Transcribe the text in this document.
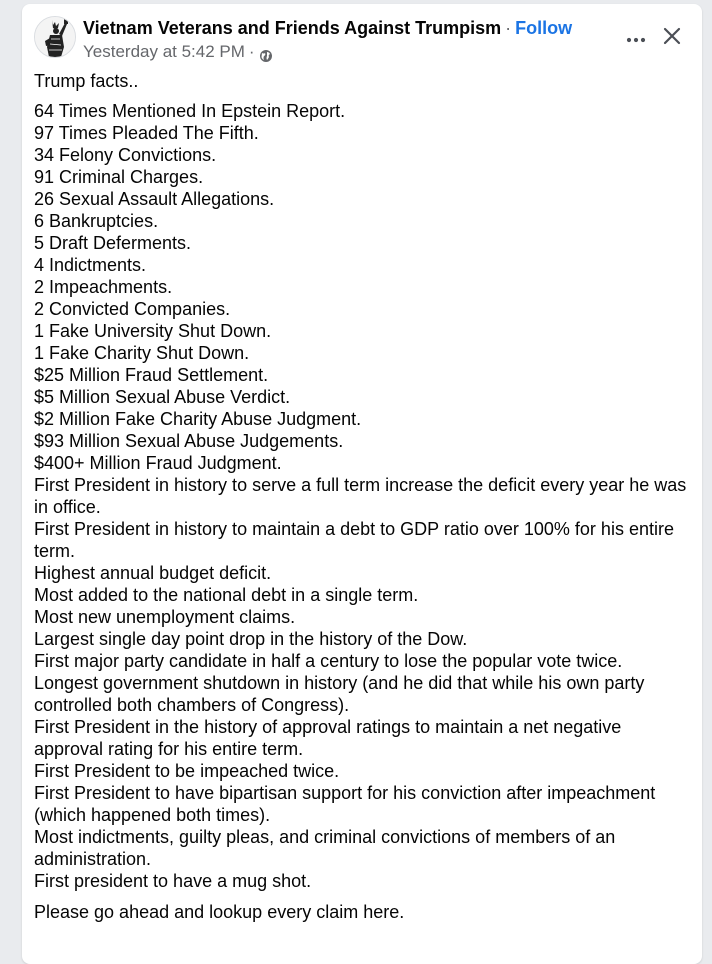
Vietnam Veterans and Friends Against Trumpism · Follow
Yesterday at 5:42 PM ·
Trump facts..
64 Times Mentioned In Epstein Report.
97 Times Pleaded The Fifth.
34 Felony Convictions.
91 Criminal Charges.
26 Sexual Assault Allegations.
6 Bankruptcies.
5 Draft Deferments.
4 Indictments.
2 Impeachments.
2 Convicted Companies.
1 Fake University Shut Down.
1 Fake Charity Shut Down.
$25 Million Fraud Settlement.
$5 Million Sexual Abuse Verdict.
$2 Million Fake Charity Abuse Judgment.
$93 Million Sexual Abuse Judgements.
$400+ Million Fraud Judgment.
First President in history to serve a full term increase the deficit every year he was in office.
First President in history to maintain a debt to GDP ratio over 100% for his entire term.
Highest annual budget deficit.
Most added to the national debt in a single term.
Most new unemployment claims.
Largest single day point drop in the history of the Dow.
First major party candidate in half a century to lose the popular vote twice.
Longest government shutdown in history (and he did that while his own party controlled both chambers of Congress).
First President in the history of approval ratings to maintain a net negative approval rating for his entire term.
First President to be impeached twice.
First President to have bipartisan support for his conviction after impeachment (which happened both times).
Most indictments, guilty pleas, and criminal convictions of members of an administration.
First president to have a mug shot.
Please go ahead and lookup every claim here.
